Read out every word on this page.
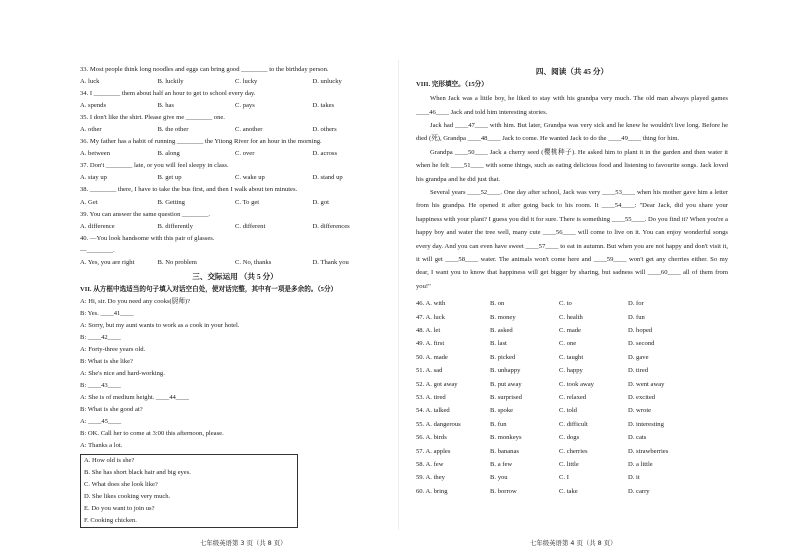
33. Most people think long noodles and eggs can bring good ________ to the birthday person.
A. luck	B. luckily	C. lucky	D. unlucky
34. I ________ them about half an hour to get to school every day.
A. spends	B. has	C. pays	D. takes
35. I don't like the shirt. Please give me ________ one.
A. other	B. the other	C. another	D. others
36. My father has a habit of running ________ the Yitong River for an hour in the morning.
A. between	B. along	C. over	D. across
37. Don't ________ late, or you will feel sleepy in class.
A. stay up	B. get up	C. wake up	D. stand up
38. ________ there, I have to take the bus first, and then I walk about ten minutes.
A. Get	B. Getting	C. To get	D. got
39. You can answer the same question ________.
A. difference	B. differently	C. different	D. differences
40. —You look handsome with this pair of glasses.
—________.
A. Yes, you are right	B. No problem	C. No, thanks	D. Thank you
三、交际运用 （共 5 分）
VII. 从方框中选适当的句子填入对话空白处，使对话完整，其中有一项是多余的。（5分）
A: Hi, sir. Do you need any cooks(厨师)?
B: Yes. ____41____
A: Sorry, but my aunt wants to work as a cook in your hotel.
B: ____42____
A: Forty-three years old.
B: What is she like?
A: She's nice and hard-working.
B: ____43____
A: She is of medium height. ____44____
B: What is she good at?
A: ____45____
B: OK. Call her to come at 3:00 this afternoon, please.
A: Thanks a lot.
A. How old is she?
B. She has short black hair and big eyes.
C. What does she look like?
D. She likes cooking very much.
E. Do you want to join us?
F. Cooking chicken.
四、阅读（共 45 分）
VIII. 完形填空。（15分）

When Jack was a little boy, he liked to stay with his grandpa very much. The old man always played games ____46____ Jack and told him interesting stories.

Jack had ____47____ with him. But later, Grandpa was very sick and he knew he wouldn't live long. Before he died (死), Grandpa ____48____ Jack to come. He wanted Jack to do the ____49____ thing for him.

Grandpa ____50____ Jack a cherry seed (樱桃种子). He asked him to plant it in the garden and then water it when he felt ____51____ with some things, such as eating delicious food and listening to favourite songs. Jack loved his grandpa and he did just that.

Several years ____52____. One day after school, Jack was very ____53____ when his mother gave him a letter from his grandpa. He opened it after going back to his room. It ____54____: "Dear Jack, did you share your happiness with your plant? I guess you did it for sure. There is something ____55____. Do you find it? When you're a happy boy and water the tree well, many cute ____56____ will come to live on it. You can enjoy wonderful songs every day. And you can even have sweet ____57____ to eat in autumn. But when you are not happy and don't visit it, it will get ____58____ water. The animals won't come here and ____59____ won't get any cherries either. So my dear, I want you to know that happiness will get bigger by sharing, but sadness will ____60____ all of them from you!"

46. A. with	B. on	C. to	D. for
47. A. luck	B. money	C. health	D. fun
48. A. let	B. asked	C. made	D. hoped
49. A. first	B. last	C. one	D. second
50. A. made	B. picked	C. taught	D. gave
51. A. sad	B. unhappy	C. happy	D. tired
52. A. got away	B. put away	C. took away	D. went away
53. A. tired	B. surprised	C. relaxed	D. excited
54. A. talked	B. spoke	C. told	D. wrote
55. A. dangerous	B. fun	C. difficult	D. interesting
56. A. birds	B. monkeys	C. dogs	D. cats
57. A. apples	B. bananas	C. cherries	D. strawberries
58. A. few	B. a few	C. little	D. a little
59. A. they	B. you	C. I	D. it
60. A. bring	B. borrow	C. take	D. carry
七年级英语第 3 页（共 8 页）	七年级英语第 4 页（共 8 页）
